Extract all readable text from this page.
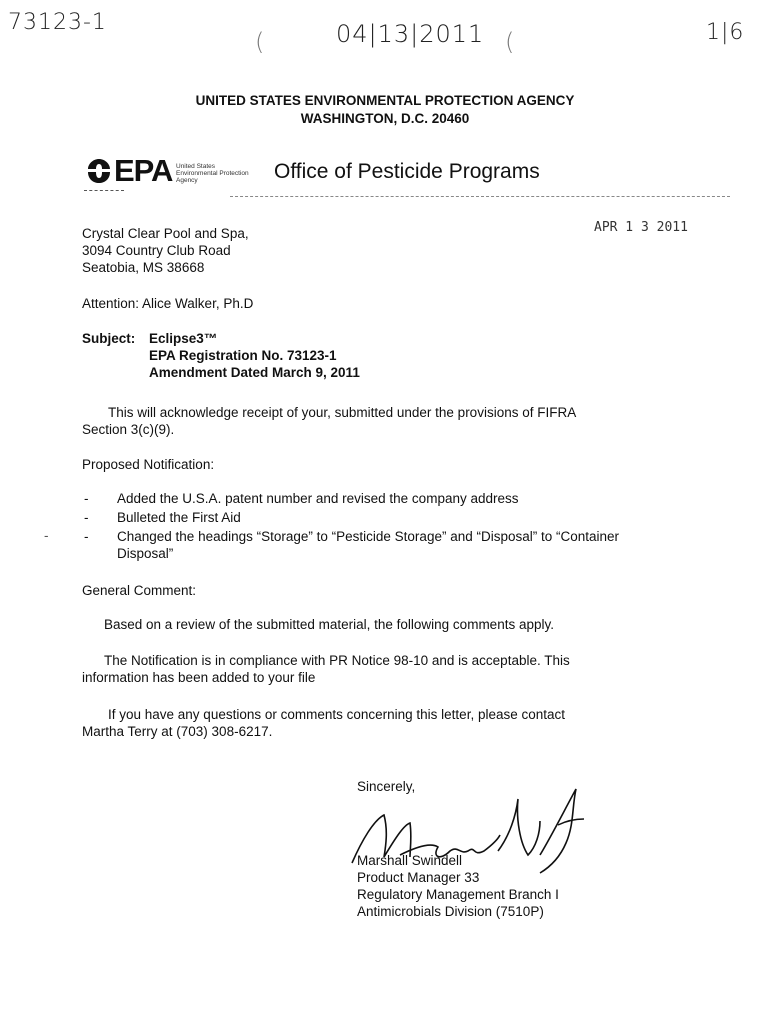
73123-1
(	04|13|2011 (	1|6
UNITED STATES ENVIRONMENTAL PROTECTION AGENCY
WASHINGTON, D.C. 20460
EPA United States
Environmental Protection
Agency	Office of Pesticide Programs
APR 1 3 2011
Crystal Clear Pool and Spa,
3094 Country Club Road
Seatobia, MS 38668
Attention: Alice Walker, Ph.D
Subject: Eclipse3™
EPA Registration No. 73123-1
Amendment Dated March 9, 2011
This will acknowledge receipt of your, submitted under the provisions of FIFRA
Section 3(c)(9).
Proposed Notification:
- Added the U.S.A. patent number and revised the company address
- Bulleted the First Aid
- Changed the headings “Storage” to “Pesticide Storage” and “Disposal” to “Container Disposal”
-
General Comment:
Based on a review of the submitted material, the following comments apply.
The Notification is in compliance with PR Notice 98-10 and is acceptable. This
information has been added to your file
If you have any questions or comments concerning this letter, please contact
Martha Terry at (703) 308-6217.
Sincerely,
Marshall Swindell
Product Manager 33
Regulatory Management Branch I
Antimicrobials Division (7510P)
